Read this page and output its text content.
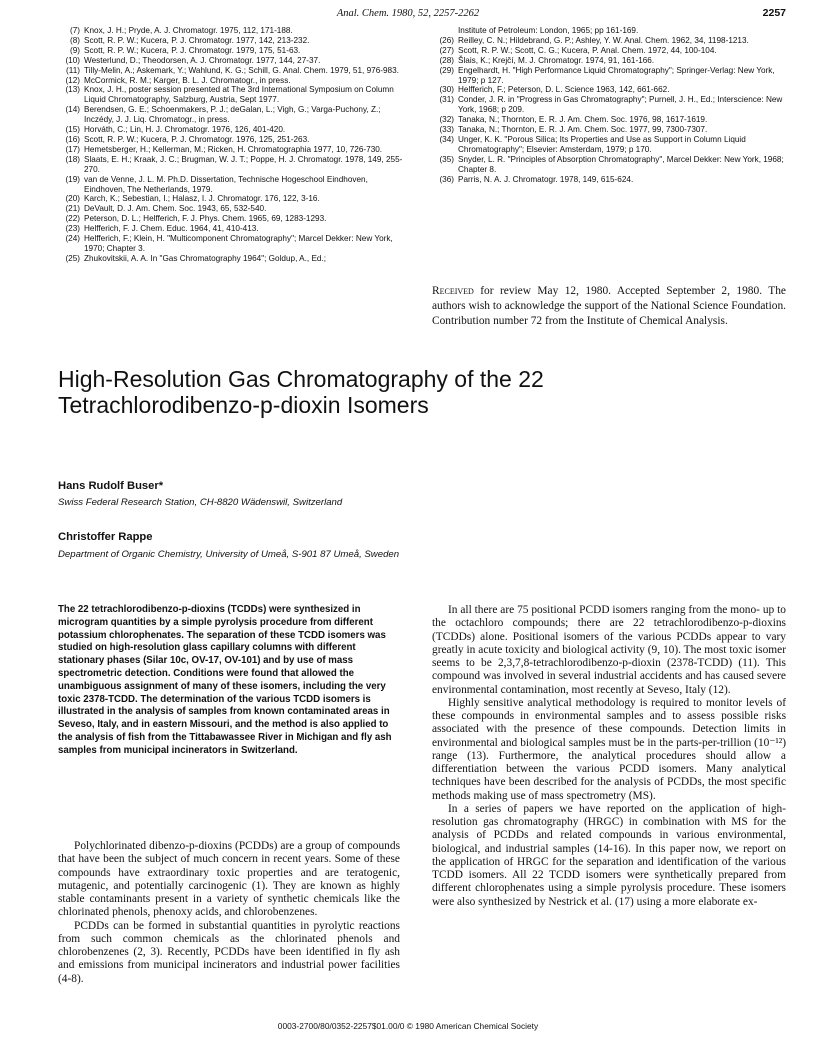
Anal. Chem. 1980, 52, 2257-2262	2257
(7) Knox, J. H.; Pryde, A. J. Chromatogr. 1975, 112, 171-188.
(8) Scott, R. P. W.; Kucera, P. J. Chromatogr. 1977, 142, 213-232.
(9) Scott, R. P. W.; Kucera, P. J. Chromatogr. 1979, 175, 51-63.
(10) Westerlund, D.; Theodorsen, A. J. Chromatogr. 1977, 144, 27-37.
(11) Tilly-Melin, A.; Askemark, Y.; Wahlund, K. G.; Schill, G. Anal. Chem. 1979, 51, 976-983.
(12) McCormick, R. M.; Karger, B. L. J. Chromatogr., in press.
(13) Knox, J. H., poster session presented at The 3rd International Symposium on Column Liquid Chromatography, Salzburg, Austria, Sept 1977.
(14) Berendsen, G. E.; Schoenmakers, P. J.; deGalan, L.; Vigh, G.; Varga-Puchony, Z.; Inczédy, J. J. Liq. Chromatogr., in press.
(15) Horváth, C.; Lin, H. J. Chromatogr. 1976, 126, 401-420.
(16) Scott, R. P. W.; Kucera, P. J. Chromatogr. 1976, 125, 251-263.
(17) Hemetsberger, H.; Kellerman, M.; Ricken, H. Chromatographia 1977, 10, 726-730.
(18) Slaats, E. H.; Kraak, J. C.; Brugman, W. J. T.; Poppe, H. J. Chromatogr. 1978, 149, 255-270.
(19) van de Venne, J. L. M. Ph.D. Dissertation, Technische Hogeschool Eindhoven, Eindhoven, The Netherlands, 1979.
(20) Karch, K.; Sebestian, I.; Halasz, I. J. Chromatogr. 176, 122, 3-16.
(21) DeVault, D. J. Am. Chem. Soc. 1943, 65, 532-540.
(22) Peterson, D. L.; Helfferich, F. J. Phys. Chem. 1965, 69, 1283-1293.
(23) Helfferich, F. J. Chem. Educ. 1964, 41, 410-413.
(24) Helfferich, F.; Klein, H. "Multicomponent Chromatography"; Marcel Dekker: New York, 1970; Chapter 3.
(25) Zhukovitskii, A. A. In "Gas Chromatography 1964"; Goldup, A., Ed.;
Institute of Petroleum: London, 1965; pp 161-169.
(26) Reilley, C. N.; Hildebrand, G. P.; Ashley, Y. W. Anal. Chem. 1962, 34, 1198-1213.
(27) Scott, R. P. W.; Scott, C. G.; Kucera, P. Anal. Chem. 1972, 44, 100-104.
(28) Šlais, K.; Krejčí, M. J. Chromatogr. 1974, 91, 161-166.
(29) Engelhardt, H. "High Performance Liquid Chromatography"; Springer-Verlag: New York, 1979; p 127.
(30) Helfferich, F.; Peterson, D. L. Science 1963, 142, 661-662.
(31) Conder, J. R. in "Progress in Gas Chromatography"; Purnell, J. H., Ed.; Interscience: New York, 1968; p 209.
(32) Tanaka, N.; Thornton, E. R. J. Am. Chem. Soc. 1976, 98, 1617-1619.
(33) Tanaka, N.; Thornton, E. R. J. Am. Chem. Soc. 1977, 99, 7300-7307.
(34) Unger, K. K. "Porous Silica; Its Properties and Use as Support in Column Liquid Chromatography"; Elsevier: Amsterdam, 1979; p 170.
(35) Snyder, L. R. "Principles of Absorption Chromatography", Marcel Dekker: New York, 1968; Chapter 8.
(36) Parris, N. A. J. Chromatogr. 1978, 149, 615-624.
Received for review May 12, 1980. Accepted September 2, 1980. The authors wish to acknowledge the support of the National Science Foundation. Contribution number 72 from the Institute of Chemical Analysis.
High-Resolution Gas Chromatography of the 22
Tetrachlorodibenzo-p-dioxin Isomers
Hans Rudolf Buser*
Swiss Federal Research Station, CH-8820 Wädenswil, Switzerland
Christoffer Rappe
Department of Organic Chemistry, University of Umeå, S-901 87 Umeå, Sweden
The 22 tetrachlorodibenzo-p-dioxins (TCDDs) were synthesized in microgram quantities by a simple pyrolysis procedure from different potassium chlorophenates. The separation of these TCDD isomers was studied on high-resolution glass capillary columns with different stationary phases (Silar 10c, OV-17, OV-101) and by use of mass spectrometric detection. Conditions were found that allowed the unambiguous assignment of many of these isomers, including the very toxic 2378-TCDD. The determination of the various TCDD isomers is illustrated in the analysis of samples from known contaminated areas in Seveso, Italy, and in eastern Missouri, and the method is also applied to the analysis of fish from the Tittabawassee River in Michigan and fly ash samples from municipal incinerators in Switzerland.

Polychlorinated dibenzo-p-dioxins (PCDDs) are a group of compounds that have been the subject of much concern in recent years. Some of these compounds have extraordinary toxic properties and are teratogenic, mutagenic, and potentially carcinogenic (1). They are known as highly stable contaminants present in a variety of synthetic chemicals like the chlorinated phenols, phenoxy acids, and chlorobenzenes.

PCDDs can be formed in substantial quantities in pyrolytic reactions from such common chemicals as the chlorinated phenols and chlorobenzenes (2, 3). Recently, PCDDs have been identified in fly ash and emissions from municipal incinerators and industrial power facilities (4-8).

In all there are 75 positional PCDD isomers ranging from the mono- up to the octachloro compounds; there are 22 tetrachlorodibenzo-p-dioxins (TCDDs) alone. Positional isomers of the various PCDDs appear to vary greatly in acute toxicity and biological activity (9, 10). The most toxic isomer seems to be 2,3,7,8-tetrachlorodibenzo-p-dioxin (2378-TCDD) (11). This compound was involved in several industrial accidents and has caused severe environmental contamination, most recently at Seveso, Italy (12).

Highly sensitive analytical methodology is required to monitor levels of these compounds in environmental samples and to assess possible risks associated with the presence of these compounds. Detection limits in environmental and biological samples must be in the parts-per-trillion (10⁻¹²) range (13). Furthermore, the analytical procedures should allow a differentiation between the various PCDD isomers. Many analytical techniques have been described for the analysis of PCDDs, the most specific methods making use of mass spectrometry (MS).

In a series of papers we have reported on the application of high-resolution gas chromatography (HRGC) in combination with MS for the analysis of PCDDs and related compounds in various environmental, biological, and industrial samples (14-16). In this paper now, we report on the application of HRGC for the separation and identification of the various TCDD isomers. All 22 TCDD isomers were synthetically prepared from different chlorophenates using a simple pyrolysis procedure. These isomers were also synthesized by Nestrick et al. (17) using a more elaborate ex-

0003-2700/80/0352-2257$01.00/0 © 1980 American Chemical Society
